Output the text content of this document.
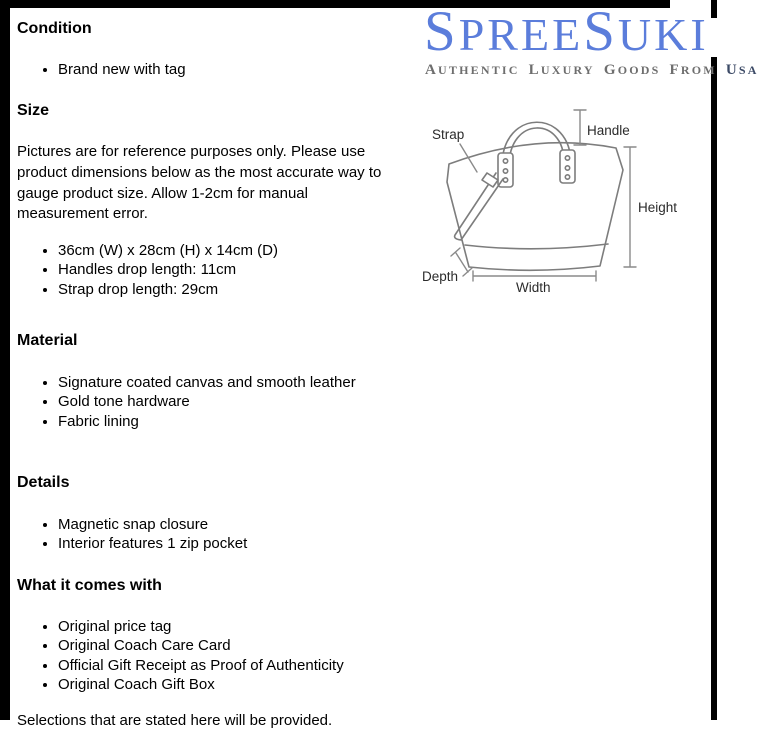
Condition
• Brand new with tag
Size
Pictures are for reference purposes only. Please use
product dimensions below as the most accurate way to
gauge product size. Allow 1-2cm for manual
measurement error.
• 36cm (W) x 28cm (H) x 14cm (D)
• Handles drop length: 11cm
• Strap drop length: 29cm
Material
• Signature coated canvas and smooth leather
• Gold tone hardware
• Fabric lining
Details
• Magnetic snap closure
• Interior features 1 zip pocket
What it comes with
• Original price tag
• Original Coach Care Card
• Official Gift Receipt as Proof of Authenticity
• Original Coach Gift Box
Selections that are stated here will be provided.
SPREESUKI
AUTHENTIC LUXURY GOODS FROM USA
Strap	Handle
Height
Depth
Width
